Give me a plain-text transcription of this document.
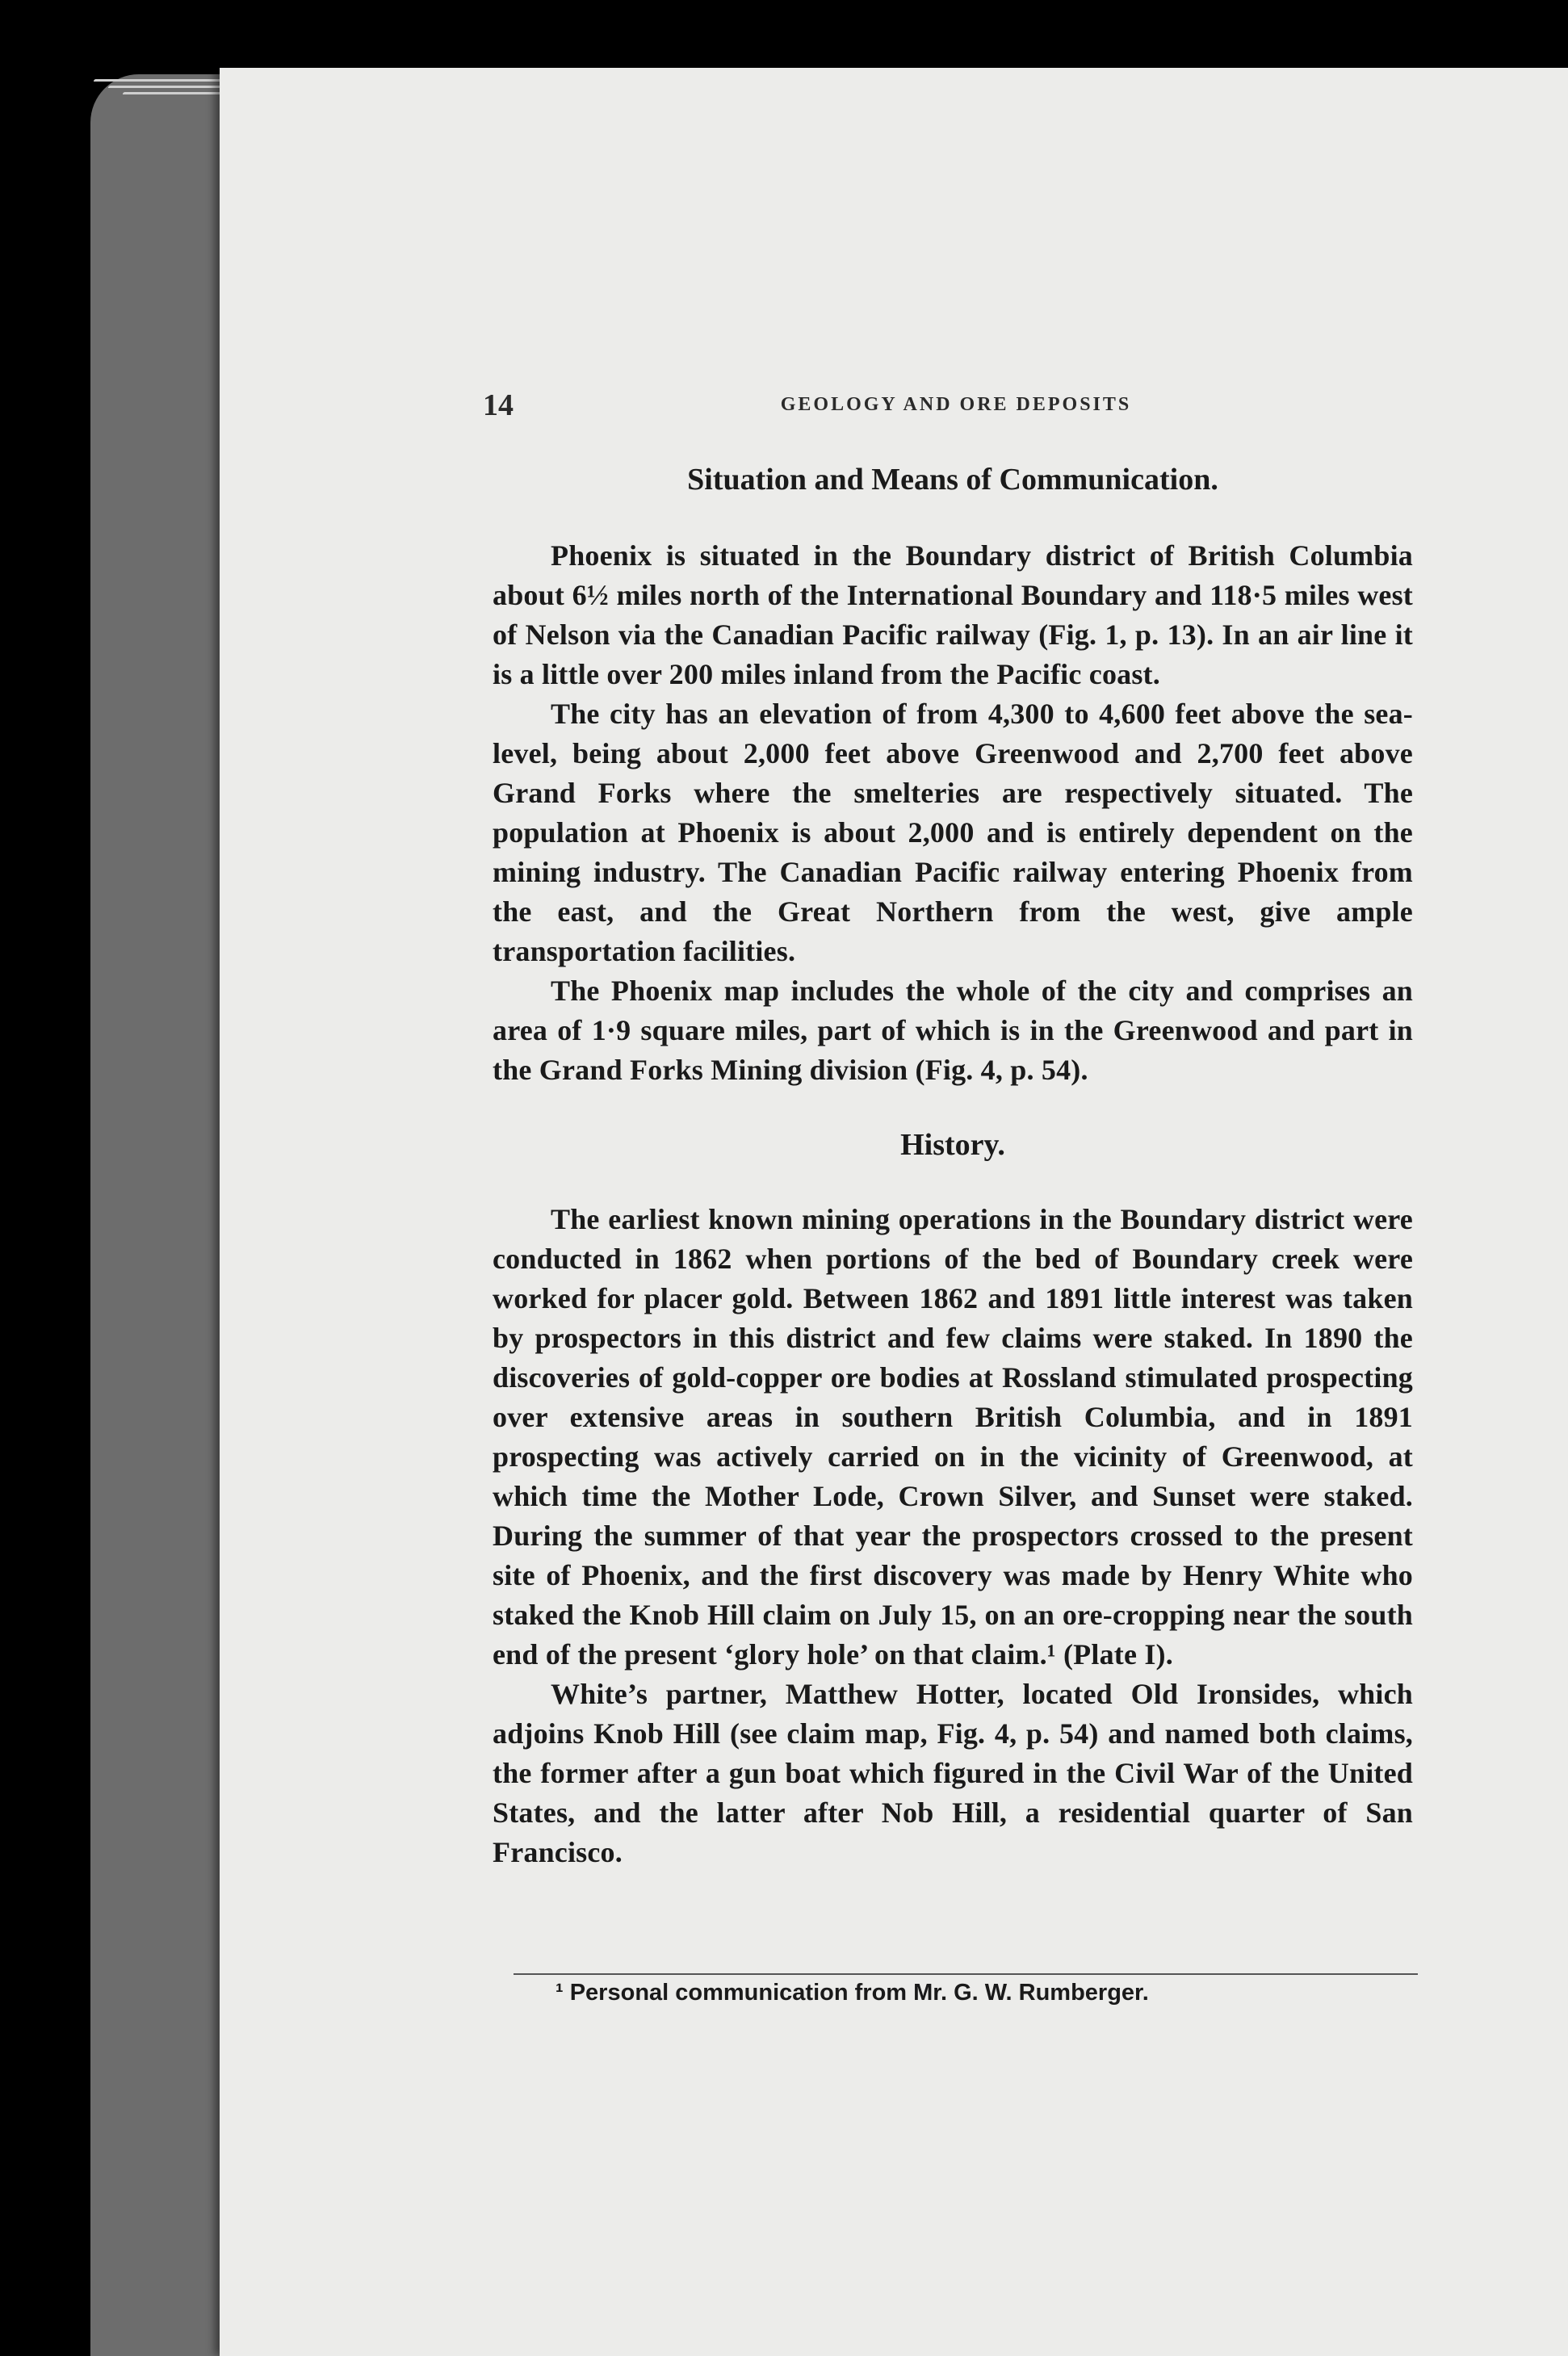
14	GEOLOGY AND ORE DEPOSITS
Situation and Means of Communication.

Phoenix is situated in the Boundary district of British Columbia about 6½ miles north of the International Boundary and 118·5 miles west of Nelson via the Canadian Pacific railway (Fig. 1, p. 13). In an air line it is a little over 200 miles inland from the Pacific coast.

The city has an elevation of from 4,300 to 4,600 feet above the sea-level, being about 2,000 feet above Greenwood and 2,700 feet above Grand Forks where the smelteries are respectively situated. The population at Phoenix is about 2,000 and is entirely dependent on the mining industry. The Canadian Pacific railway entering Phoenix from the east, and the Great Northern from the west, give ample transportation facilities.

The Phoenix map includes the whole of the city and comprises an area of 1·9 square miles, part of which is in the Greenwood and part in the Grand Forks Mining division (Fig. 4, p. 54).

History.

The earliest known mining operations in the Boundary district were conducted in 1862 when portions of the bed of Boundary creek were worked for placer gold. Between 1862 and 1891 little interest was taken by prospectors in this district and few claims were staked. In 1890 the discoveries of gold-copper ore bodies at Rossland stimulated prospecting over extensive areas in southern British Columbia, and in 1891 prospecting was actively carried on in the vicinity of Greenwood, at which time the Mother Lode, Crown Silver, and Sunset were staked. During the summer of that year the prospectors crossed to the present site of Phoenix, and the first discovery was made by Henry White who staked the Knob Hill claim on July 15, on an ore-cropping near the south end of the present ‘glory hole’ on that claim.¹ (Plate I).

White’s partner, Matthew Hotter, located Old Ironsides, which adjoins Knob Hill (see claim map, Fig. 4, p. 54) and named both claims, the former after a gun boat which figured in the Civil War of the United States, and the latter after Nob Hill, a residential quarter of San Francisco.

¹ Personal communication from Mr. G. W. Rumberger.
